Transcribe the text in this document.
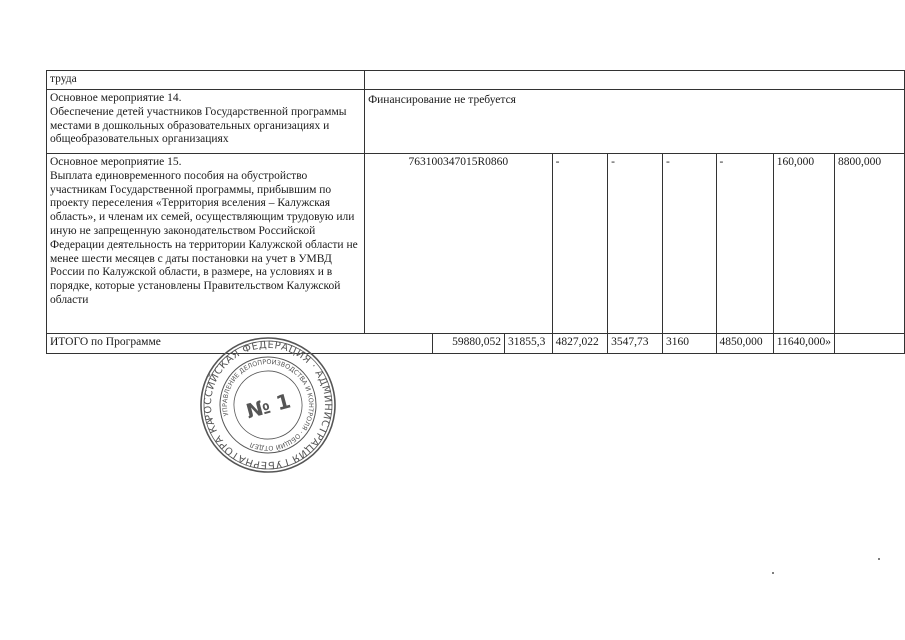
труда									

Основное мероприятие 14.
Обеспечение детей участников Государственной программы местами в дошкольных образовательных организациях и общеобразовательных организациях	Финансирование не требуется								

Основное мероприятие 15.
Выплата единовременного пособия на обустройство участникам Государственной программы, прибывшим по проекту переселения «Территория вселения – Калужская область», и членам их семей, осуществляющим трудовую или иную не запрещенную законодательством Российской Федерации деятельность на территории Калужской области не менее шести месяцев с даты постановки на учет в УМВД России по Калужской области, в размере, на условиях и в порядке, которые установлены Правительством Калужской области	763100347015R0860			-	-	-	-	160,000	8800,000
ИТОГО по Программе		59880,052	31855,3	4827,022	3547,73	3160	4850,000	11640,000»	
РОССИЙСКАЯ ФЕДЕРАЦИЯ · АДМИНИСТРАЦИЯ ГУБЕРНАТОРА КАЛУЖСКОЙ
УПРАВЛЕНИЕ ДЕЛОПРОИЗВОДСТВА И КОНТРОЛЯ · ОБЩИЙ ОТДЕЛ
№ 1
